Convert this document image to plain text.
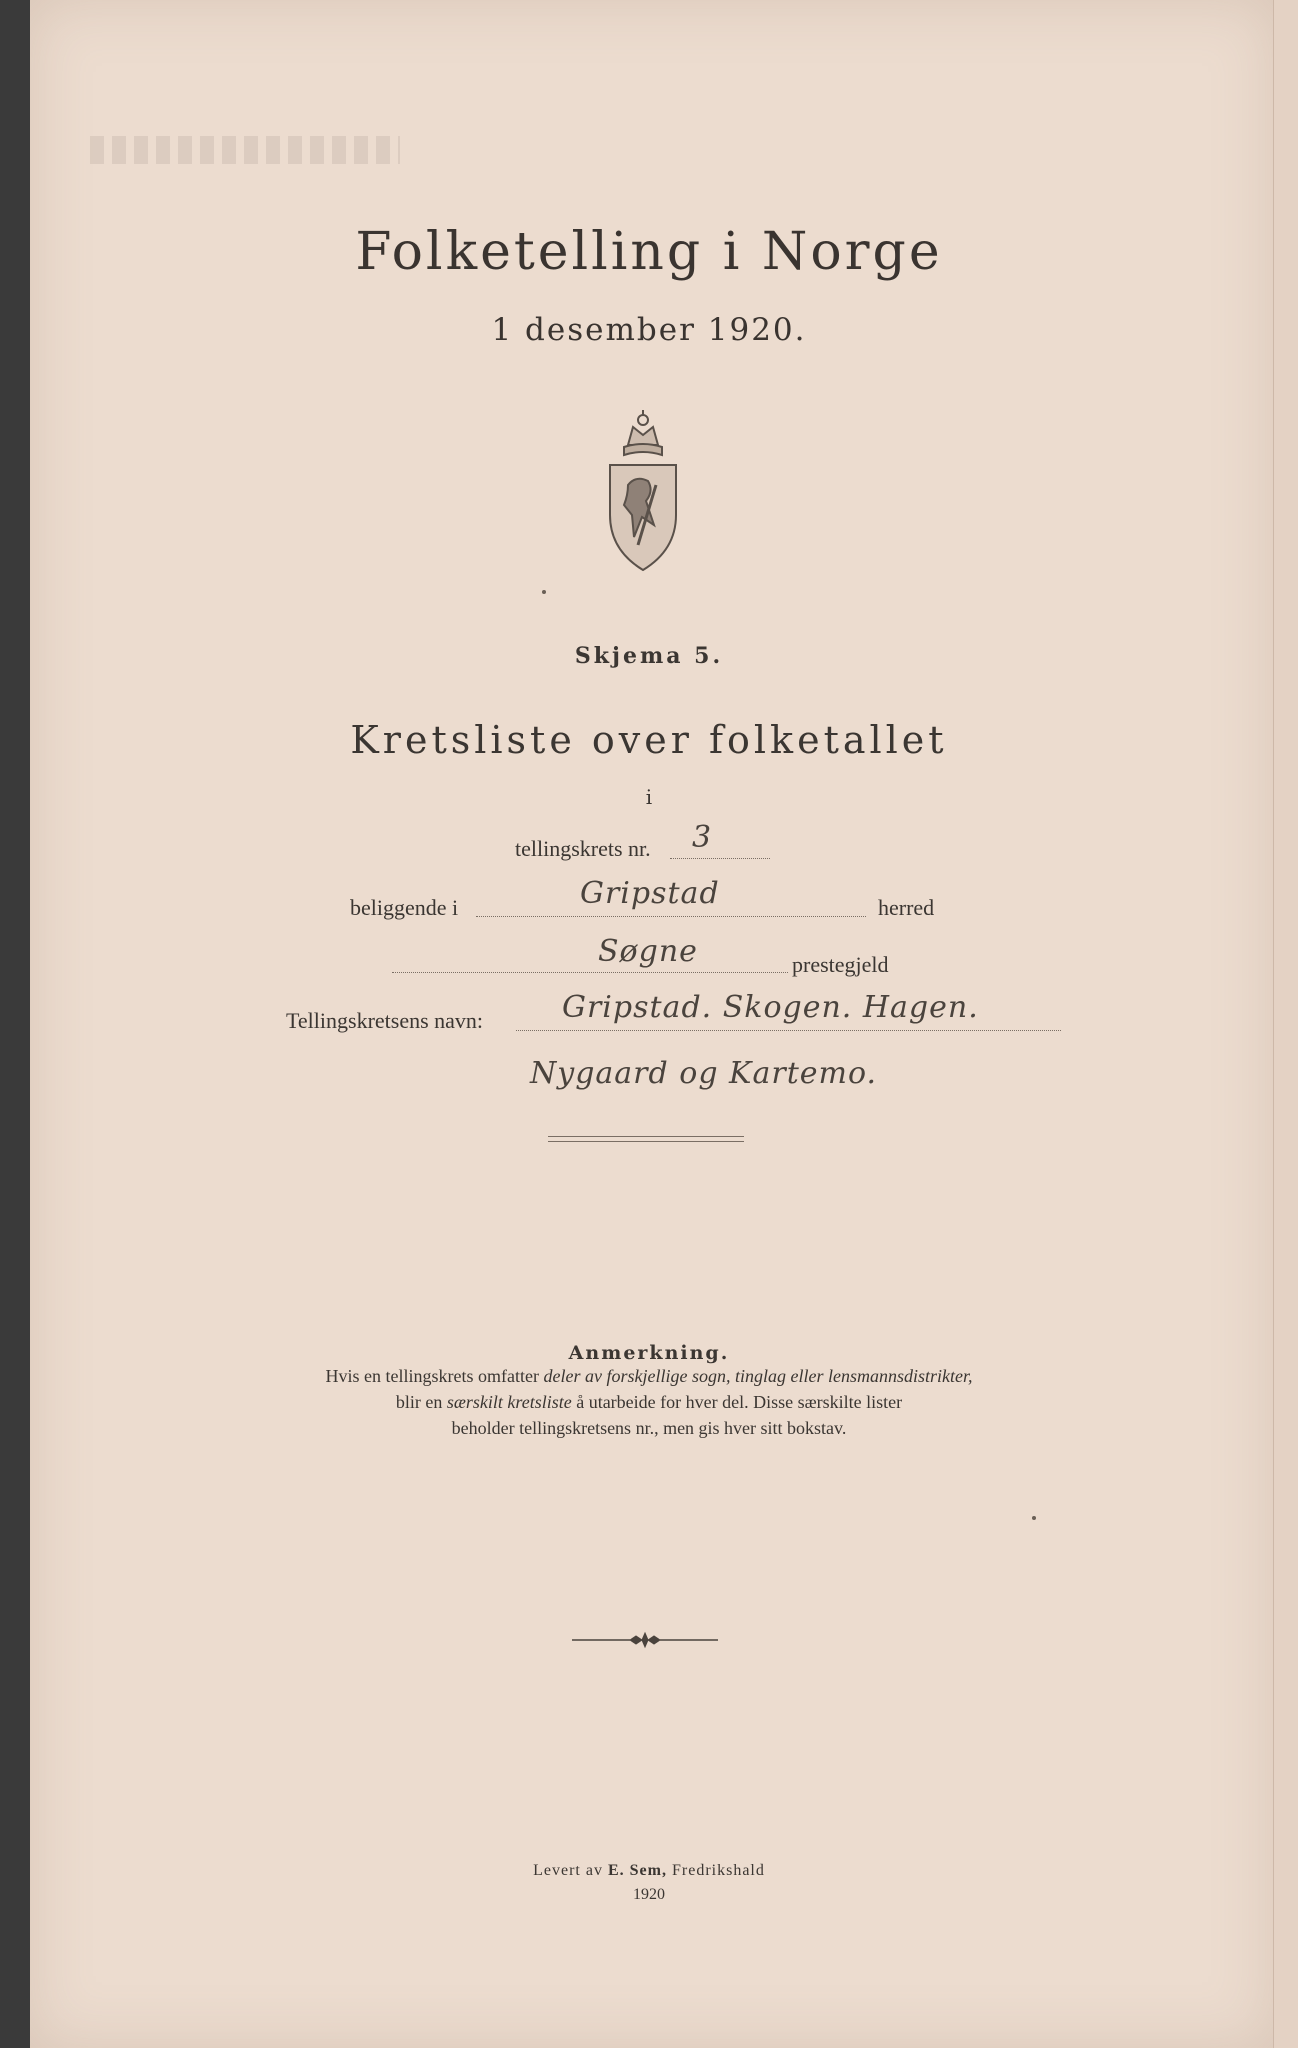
Folketelling i Norge
1 desember 1920.
Skjema 5.
Kretsliste over folketallet
i
tellingskrets nr. 3
beliggende i	Gripstad	herred
Søgne	prestegjeld
Tellingskretsens navn:	Gripstad. Skogen. Hagen.
Nygaard og Kartemo.
Anmerkning.
Hvis en tellingskrets omfatter deler av forskjellige sogn, tinglag eller lensmannsdistrikter,
blir en særskilt kretsliste å utarbeide for hver del. Disse særskilte lister
beholder tellingskretsens nr., men gis hver sitt bokstav.
Levert av E. Sem, Fredrikshald
1920
